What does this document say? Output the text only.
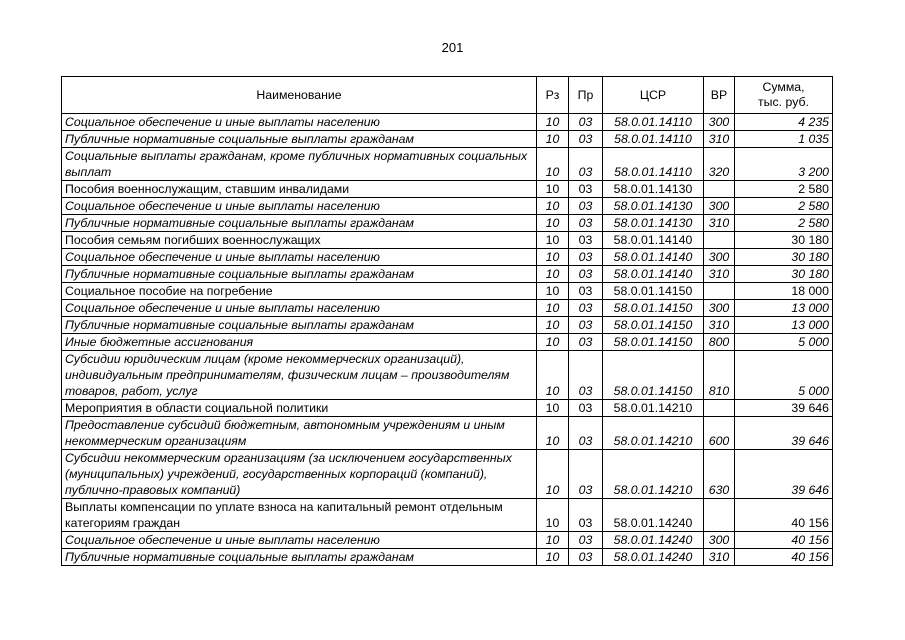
201
Наименование	Рз	Пр	ЦСР	ВР	Сумма,
тыс. руб.

Социальное обеспечение и иные выплаты населению	10	03	58.0.01.14110	300	4 235
Публичные нормативные социальные выплаты гражданам	10	03	58.0.01.14110	310	1 035
Социальные выплаты гражданам, кроме публичных нормативных социальных выплат	10	03	58.0.01.14110	320	3 200
Пособия военнослужащим, ставшим инвалидами	10	03	58.0.01.14130		2 580
Социальное обеспечение и иные выплаты населению	10	03	58.0.01.14130	300	2 580
Публичные нормативные социальные выплаты гражданам	10	03	58.0.01.14130	310	2 580
Пособия семьям погибших военнослужащих	10	03	58.0.01.14140		30 180
Социальное обеспечение и иные выплаты населению	10	03	58.0.01.14140	300	30 180
Публичные нормативные социальные выплаты гражданам	10	03	58.0.01.14140	310	30 180
Социальное пособие на погребение	10	03	58.0.01.14150		18 000
Социальное обеспечение и иные выплаты населению	10	03	58.0.01.14150	300	13 000
Публичные нормативные социальные выплаты гражданам	10	03	58.0.01.14150	310	13 000
Иные бюджетные ассигнования	10	03	58.0.01.14150	800	5 000
Субсидии юридическим лицам (кроме некоммерческих организаций), индивидуальным предпринимателям, физическим лицам – производителям товаров, работ, услуг	10	03	58.0.01.14150	810	5 000
Мероприятия в области социальной политики	10	03	58.0.01.14210		39 646
Предоставление субсидий бюджетным, автономным учреждениям и иным некоммерческим организациям	10	03	58.0.01.14210	600	39 646
Субсидии некоммерческим организациям (за исключением государственных (муниципальных) учреждений, государственных корпораций (компаний), публично-правовых компаний)	10	03	58.0.01.14210	630	39 646
Выплаты компенсации по уплате взноса на капитальный ремонт отдельным категориям граждан	10	03	58.0.01.14240		40 156
Социальное обеспечение и иные выплаты населению	10	03	58.0.01.14240	300	40 156
Публичные нормативные социальные выплаты гражданам	10	03	58.0.01.14240	310	40 156
